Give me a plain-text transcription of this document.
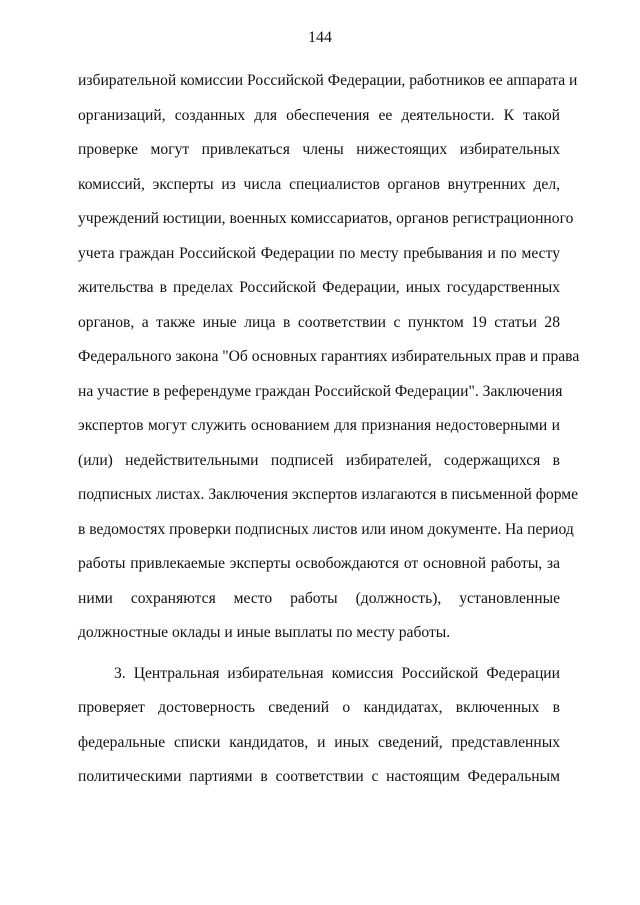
144
избирательной комиссии Российской Федерации, работников ее аппарата и
организаций, созданных для обеспечения ее деятельности. К такой
проверке могут привлекаться члены нижестоящих избирательных
комиссий, эксперты из числа специалистов органов внутренних дел,
учреждений юстиции, военных комиссариатов, органов регистрационного
учета граждан Российской Федерации по месту пребывания и по месту
жительства в пределах Российской Федерации, иных государственных
органов, а также иные лица в соответствии с пунктом 19 статьи 28
Федерального закона "Об основных гарантиях избирательных прав и права
на участие в референдуме граждан Российской Федерации". Заключения
экспертов могут служить основанием для признания недостоверными и
(или) недействительными подписей избирателей, содержащихся в
подписных листах. Заключения экспертов излагаются в письменной форме
в ведомостях проверки подписных листов или ином документе. На период
работы привлекаемые эксперты освобождаются от основной работы, за
ними сохраняются место работы (должность), установленные
должностные оклады и иные выплаты по месту работы.
3. Центральная избирательная комиссия Российской Федерации
проверяет достоверность сведений о кандидатах, включенных в
федеральные списки кандидатов, и иных сведений, представленных
политическими партиями в соответствии с настоящим Федеральным
